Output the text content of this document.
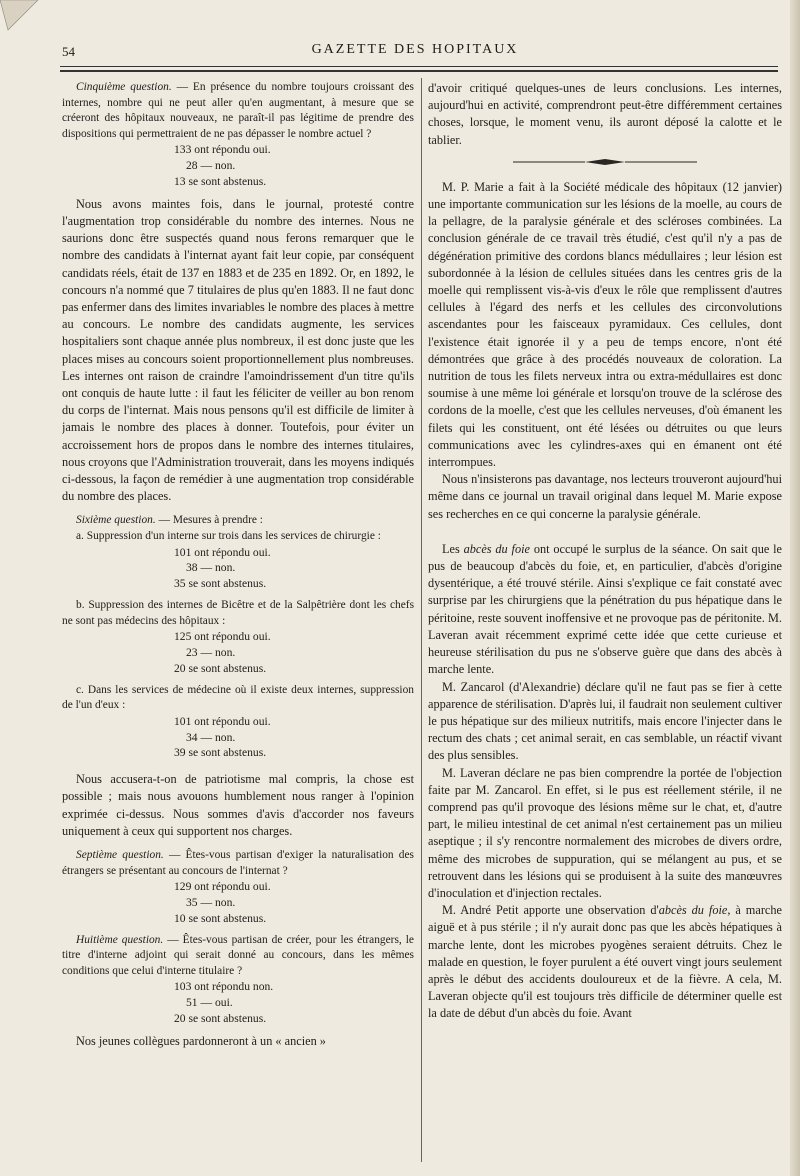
54	GAZETTE DES HOPITAUX

Cinquième question. — En présence du nombre toujours croissant des internes, nombre qui ne peut aller qu'en augmentant, à mesure que se créeront des hôpitaux nouveaux, ne paraît-il pas légitime de prendre des dispositions qui permettraient de ne pas dépasser le nombre actuel ?

133 ont répondu oui.

28 — non.

13 se sont abstenus.

Nous avons maintes fois, dans le journal, protesté contre l'augmentation trop considérable du nombre des internes. Nous ne saurions donc être suspectés quand nous ferons remarquer que le nombre des candidats à l'internat ayant fait leur copie, par conséquent candidats réels, était de 137 en 1883 et de 235 en 1892. Or, en 1892, le concours n'a nommé que 7 titulaires de plus qu'en 1883. Il ne faut donc pas enfermer dans des limites invariables le nombre des places à mettre au concours. Le nombre des candidats augmente, les services hospitaliers sont chaque année plus nombreux, il est donc juste que les places mises au concours soient proportionnellement plus nombreuses. Les internes ont raison de craindre l'amoindrissement d'un titre qu'ils ont conquis de haute lutte : il faut les féliciter de veiller au bon renom du corps de l'internat. Mais nous pensons qu'il est difficile de limiter à jamais le nombre des places à donner. Toutefois, pour éviter un accroissement hors de propos dans le nombre des internes titulaires, nous croyons que l'Administration trouverait, dans les moyens indiqués ci-dessous, la façon de remédier à une augmentation trop considérable du nombre des places.

Sixième question. — Mesures à prendre :

a. Suppression d'un interne sur trois dans les services de chirurgie :

101 ont répondu oui.

38 — non.

35 se sont abstenus.

b. Suppression des internes de Bicêtre et de la Salpêtrière dont les chefs ne sont pas médecins des hôpitaux :

125 ont répondu oui.

23 — non.

20 se sont abstenus.

c. Dans les services de médecine où il existe deux internes, suppression de l'un d'eux :

101 ont répondu oui.

34 — non.

39 se sont abstenus.

Nous accusera-t-on de patriotisme mal compris, la chose est possible ; mais nous avouons humblement nous ranger à l'opinion exprimée ci-dessus. Nous sommes d'avis d'accorder nos faveurs uniquement à ceux qui supportent nos charges.

Septième question. — Êtes-vous partisan d'exiger la naturalisation des étrangers se présentant au concours de l'internat ?

129 ont répondu oui.

35 — non.

10 se sont abstenus.

Huitième question. — Êtes-vous partisan de créer, pour les étrangers, le titre d'interne adjoint qui serait donné au concours, dans les mêmes conditions que celui d'interne titulaire ?

103 ont répondu non.

51 — oui.

20 se sont abstenus.

Nos jeunes collègues pardonneront à un « ancien »

d'avoir critiqué quelques-unes de leurs conclusions. Les internes, aujourd'hui en activité, comprendront peut-être différemment certaines choses, lorsque, le moment venu, ils auront déposé la calotte et le tablier.

M. P. Marie a fait à la Société médicale des hôpitaux (12 janvier) une importante communication sur les lésions de la moelle, au cours de la pellagre, de la paralysie générale et des scléroses combinées. La conclusion générale de ce travail très étudié, c'est qu'il n'y a pas de dégénération primitive des cordons blancs médullaires ; leur lésion est subordonnée à la lésion de cellules situées dans les centres gris de la moelle qui remplissent vis-à-vis d'eux le rôle que remplissent d'autres cellules à l'égard des nerfs et les cellules des circonvolutions ascendantes pour les faisceaux pyramidaux. Ces cellules, dont l'existence était ignorée il y a peu de temps encore, n'ont été démontrées que grâce à des procédés nouveaux de coloration. La nutrition de tous les filets nerveux intra ou extra-médullaires est donc soumise à une même loi générale et lorsqu'on trouve de la sclérose des cordons de la moelle, c'est que les cellules nerveuses, d'où émanent les filets qui les constituent, ont été lésées ou détruites ou que leurs communications avec les cylindres-axes qui en émanent ont été interrompues.

Nous n'insisterons pas davantage, nos lecteurs trouveront aujourd'hui même dans ce journal un travail original dans lequel M. Marie expose ses recherches en ce qui concerne la paralysie générale.

Les abcès du foie ont occupé le surplus de la séance. On sait que le pus de beaucoup d'abcès du foie, et, en particulier, d'abcès d'origine dysentérique, a été trouvé stérile. Ainsi s'explique ce fait constaté avec surprise par les chirurgiens que la pénétration du pus hépatique dans le péritoine, reste souvent inoffensive et ne provoque pas de péritonite. M. Laveran avait récemment exprimé cette idée que cette curieuse et heureuse stérilisation du pus ne s'observe guère que dans des abcès à marche lente.

M. Zancarol (d'Alexandrie) déclare qu'il ne faut pas se fier à cette apparence de stérilisation. D'après lui, il faudrait non seulement cultiver le pus hépatique sur des milieux nutritifs, mais encore l'injecter dans le rectum des chats ; cet animal serait, en cas semblable, un réactif vivant des plus sensibles.

M. Laveran déclare ne pas bien comprendre la portée de l'objection faite par M. Zancarol. En effet, si le pus est réellement stérile, il ne comprend pas qu'il provoque des lésions même sur le chat, et, d'autre part, le milieu intestinal de cet animal n'est certainement pas un milieu aseptique ; il s'y rencontre normalement des microbes de divers ordre, même des microbes de suppuration, qui se mélangent au pus, et se retrouvent dans les lésions qui se produisent à la suite des manœuvres d'inoculation et d'injection rectales.

M. André Petit apporte une observation d'abcès du foie, à marche aiguë et à pus stérile ; il n'y aurait donc pas que les abcès hépatiques à marche lente, dont les microbes pyogènes seraient détruits. Chez le malade en question, le foyer purulent a été ouvert vingt jours seulement après le début des accidents douloureux et de la fièvre. A cela, M. Laveran objecte qu'il est toujours très difficile de déterminer quelle est la date de début d'un abcès du foie. Avant
